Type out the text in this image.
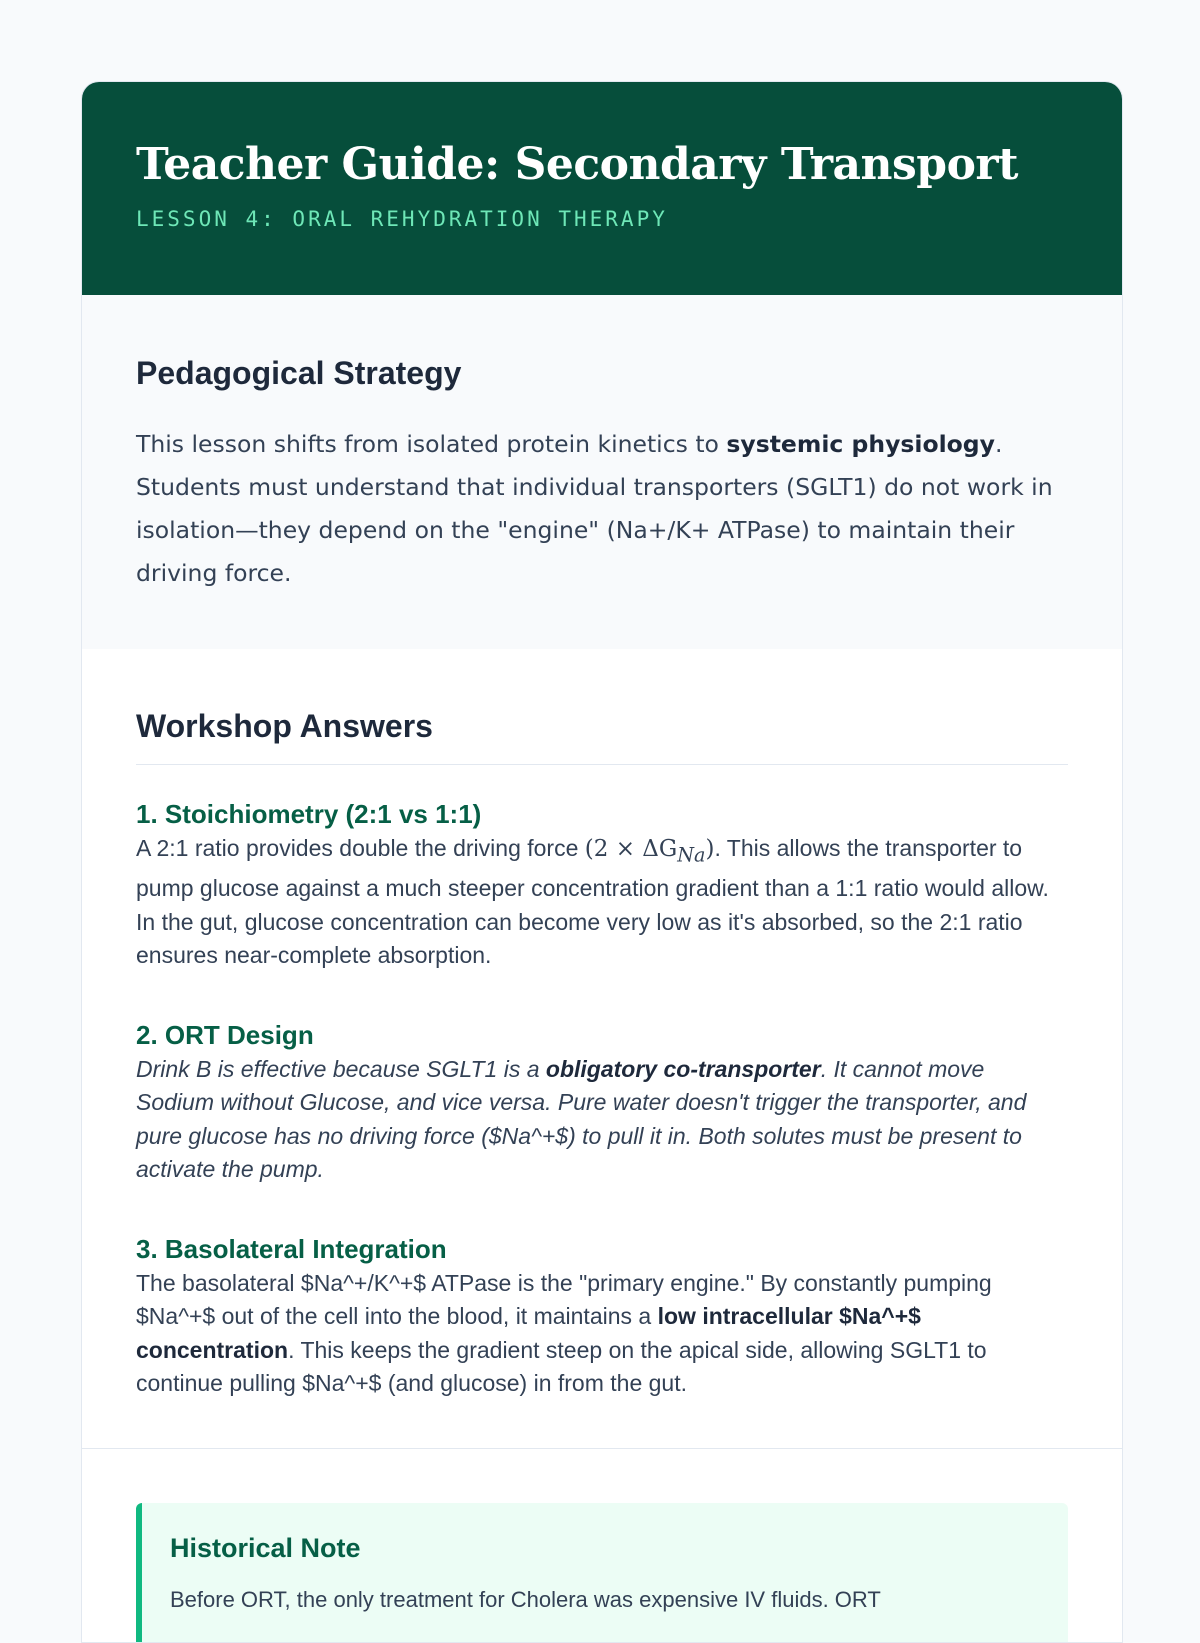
Teacher Guide: Secondary Transport
LESSON 4: ORAL REHYDRATION THERAPY
Pedagogical Strategy

This lesson shifts from isolated protein kinetics to systemic physiology. Students must understand that individual transporters (SGLT1) do not work in isolation—they depend on the "engine" (Na+/K+ ATPase) to maintain their driving force.

Workshop Answers
1. Stoichiometry (2:1 vs 1:1)

A 2:1 ratio provides double the driving force $(2 \times \Delta G_{Na})$. This allows the transporter to pump glucose against a much steeper concentration gradient than a 1:1 ratio would allow. In the gut, glucose concentration can become very low as it's absorbed, so the 2:1 ratio ensures near-complete absorption.

2. ORT Design

Drink B is effective because SGLT1 is a obligatory co-transporter. It cannot move Sodium without Glucose, and vice versa. Pure water doesn't trigger the transporter, and pure glucose has no driving force ($Na^+$) to pull it in. Both solutes must be present to activate the pump.

3. Basolateral Integration

The basolateral $Na^+/K^+$ ATPase is the "primary engine." By constantly pumping $Na^+$ out of the cell into the blood, it maintains a low intracellular $Na^+$ concentration. This keeps the gradient steep on the apical side, allowing SGLT1 to continue pulling $Na^+$ (and glucose) in from the gut.

Historical Note

Before ORT, the only treatment for Cholera was expensive IV fluids. ORT
